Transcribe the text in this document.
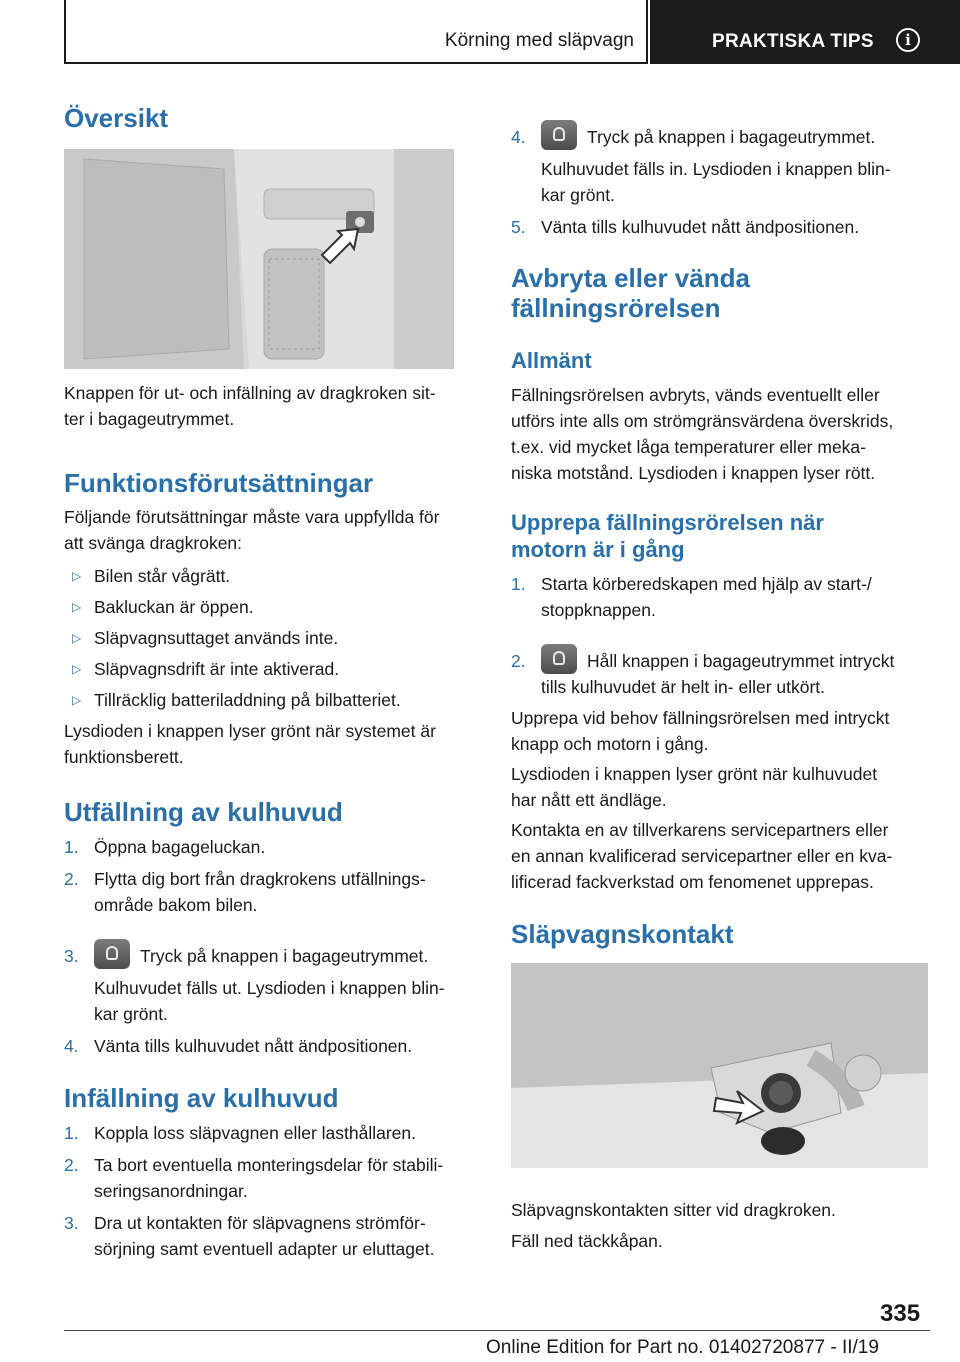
Körning med släpvagn	PRAKTISKA TIPS	i
Översikt

Knappen för ut- och infällning av dragkroken sit-

ter i bagageutrymmet.

Funktionsförutsättningar

Följande förutsättningar måste vara uppfyllda för

att svänga dragkroken:

▷ Bilen står vågrätt.
▷ Bakluckan är öppen.
▷ Släpvagnsuttaget används inte.
▷ Släpvagnsdrift är inte aktiverad.
▷ Tillräcklig batteriladdning på bilbatteriet.

Lysdioden i knappen lyser grönt när systemet är

funktionsberett.

Utfällning av kulhuvud
1. Öppna bagageluckan.
2. Flytta dig bort från dragkrokens utfällnings-
område bakom bilen.
3.	Tryck på knappen i bagageutrymmet.
Kulhuvudet fälls ut. Lysdioden i knappen blin-
kar grönt.
4. Vänta tills kulhuvudet nått ändpositionen.
Infällning av kulhuvud
1. Koppla loss släpvagnen eller lasthållaren.
2. Ta bort eventuella monteringsdelar för stabili-
seringsanordningar.
3. Dra ut kontakten för släpvagnens strömför-
sörjning samt eventuell adapter ur eluttaget.
4.	Tryck på knappen i bagageutrymmet.
Kulhuvudet fälls in. Lysdioden i knappen blin-
kar grönt.
5. Vänta tills kulhuvudet nått ändpositionen.
Avbryta eller vända
fällningsrörelsen
Allmänt

Fällningsrörelsen avbryts, vänds eventuellt eller

utförs inte alls om strömgränsvärdena överskrids,

t.ex. vid mycket låga temperaturer eller meka-

niska motstånd. Lysdioden i knappen lyser rött.

Upprepa fällningsrörelsen när
motorn är i gång
1. Starta körberedskapen med hjälp av start-/
stoppknappen.
2.	Håll knappen i bagageutrymmet intryckt
tills kulhuvudet är helt in- eller utkört.

Upprepa vid behov fällningsrörelsen med intryckt

knapp och motorn i gång.

Lysdioden i knappen lyser grönt när kulhuvudet

har nått ett ändläge.

Kontakta en av tillverkarens servicepartners eller

en annan kvalificerad servicepartner eller en kva-

lificerad fackverkstad om fenomenet upprepas.

Släpvagnskontakt

Släpvagnskontakten sitter vid dragkroken.

Fäll ned täckkåpan.

335
Online Edition for Part no. 01402720877 - II/19
